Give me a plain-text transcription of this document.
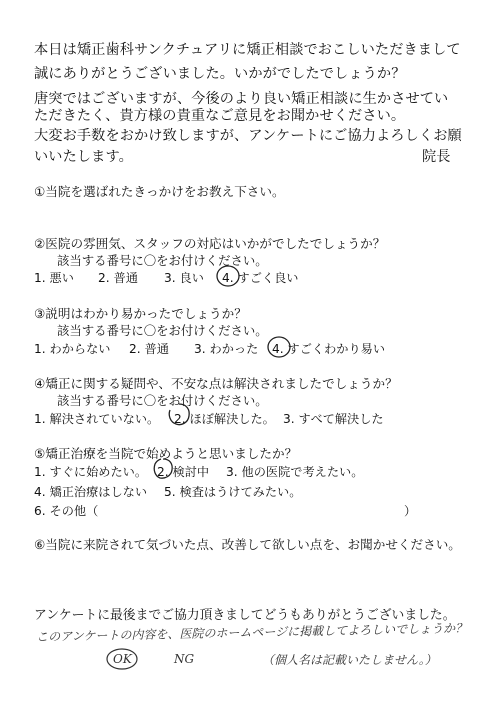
本日は矯正歯科サンクチュアリに矯正相談でおこしいただきまして
誠にありがとうございました。いかがでしたでしょうか？
唐突ではございますが、今後のより良い矯正相談に生かさせてい
ただきたく、貴方様の貴重なご意見をお聞かせください。
大変お手数をおかけ致しますが、アンケートにご協力よろしくお願
いいたします。	院長
①当院を選ばれたきっかけをお教え下さい。
②医院の雰囲気、スタッフの対応はいかがでしたでしょうか？
該当する番号に〇をお付けください。
1. 悪い 2. 普通 3. 良い 4. すごく良い
③説明はわかり易かったでしょうか？
該当する番号に〇をお付けください。
1. わからない 2. 普通 3. わかった 4. すごくわかり易い
④矯正に関する疑問や、不安な点は解決されましたでしょうか？
該当する番号に〇をお付けください。
1. 解決されていない。 2. ほぼ解決した。 3. すべて解決した
⑤矯正治療を当院で始めようと思いましたか？
1. すぐに始めたい。 2. 検討中 3. 他の医院で考えたい。
4. 矯正治療はしない 5. 検査はうけてみたい。
6. その他（	）
⑥当院に来院されて気づいた点、改善して欲しい点を、お聞かせください。
アンケートに最後までご協力頂きましてどうもありがとうございました。
このアンケートの内容を、医院のホームページに掲載してよろしいでしょうか？
OK	NG	（個人名は記載いたしません。）
